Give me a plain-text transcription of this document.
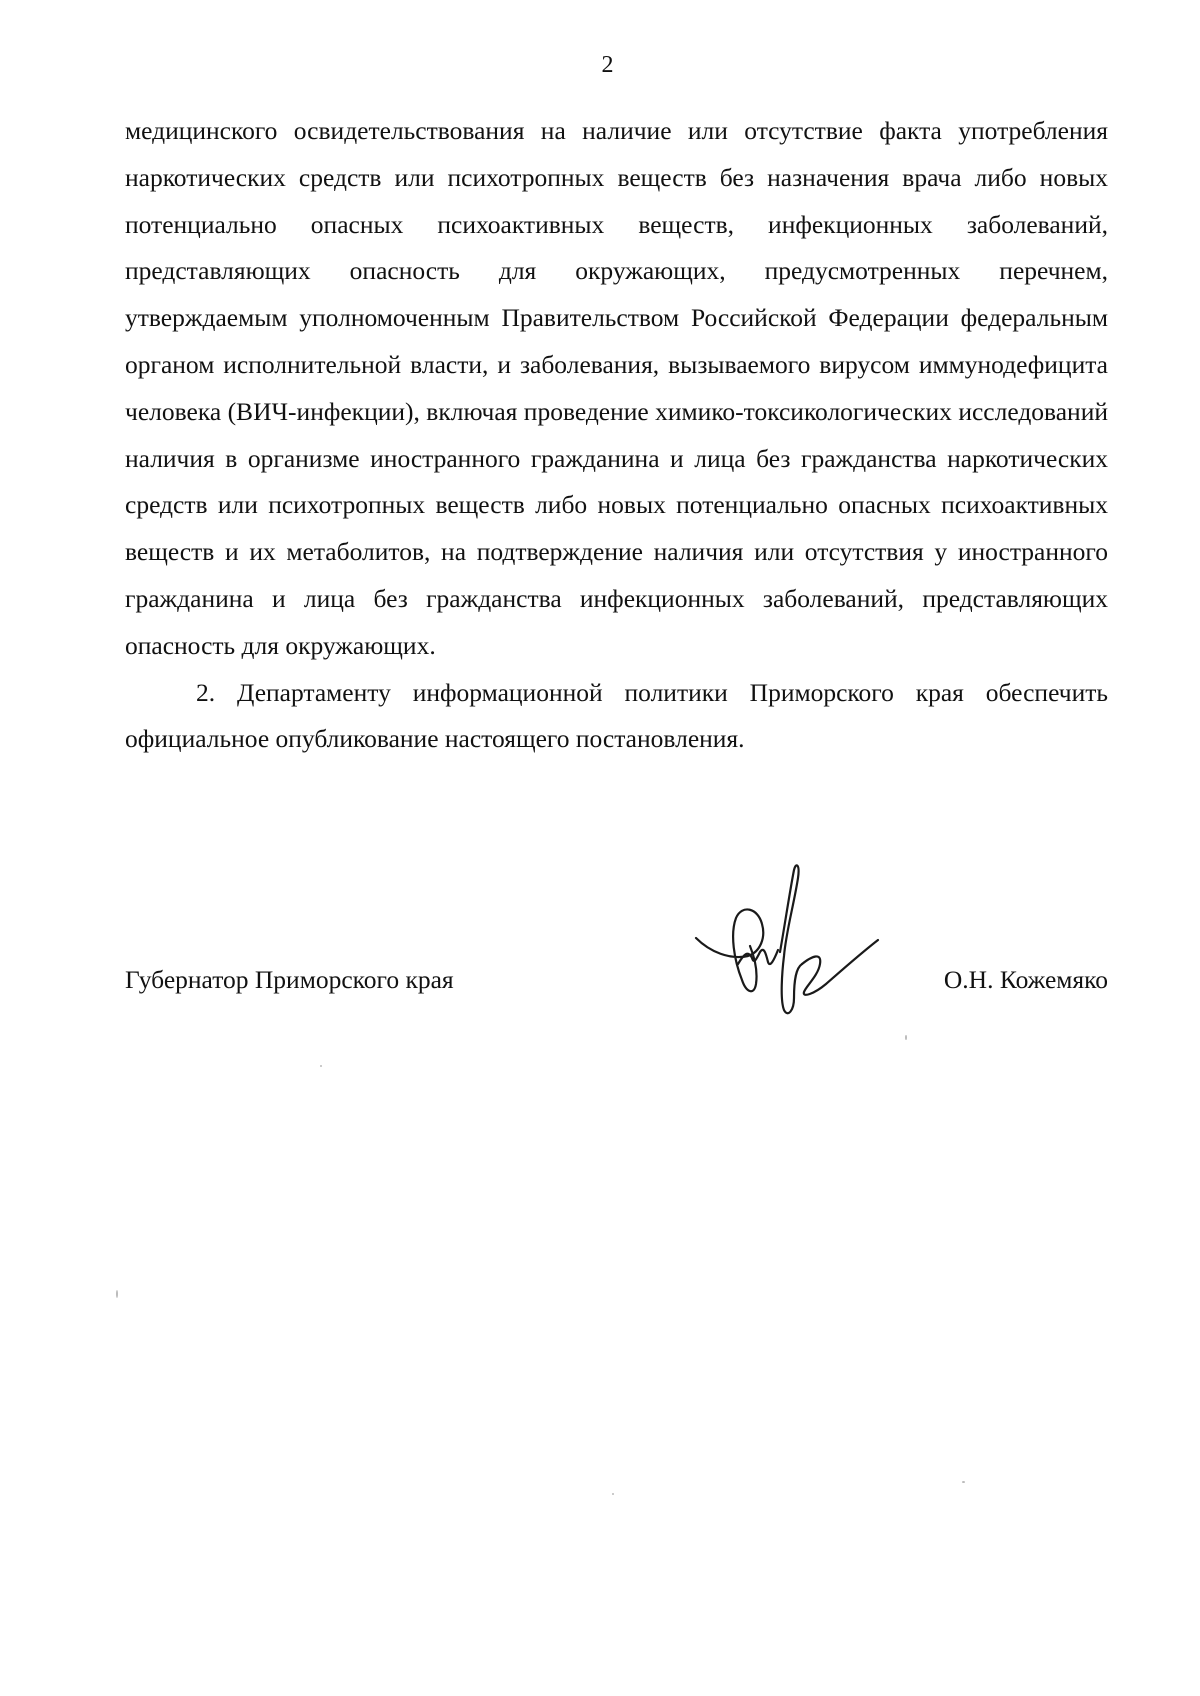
2

медицинского освидетельствования на наличие или отсутствие факта употребления наркотических средств или психотропных веществ без назначения врача либо новых потенциально опасных психоактивных веществ, инфекционных заболеваний, представляющих опасность для окружающих, предусмотренных перечнем, утверждаемым уполномоченным Правительством Российской Федерации федеральным органом исполнительной власти, и заболевания, вызываемого вирусом иммунодефицита человека (ВИЧ-инфекции), включая проведение химико-токсикологических исследований наличия в организме иностранного гражданина и лица без гражданства наркотических средств или психотропных веществ либо новых потенциально опасных психоактивных веществ и их метаболитов, на подтверждение наличия или отсутствия у иностранного гражданина и лица без гражданства инфекционных заболеваний, представляющих опасность для окружающих.

2. Департаменту информационной политики Приморского края обеспечить официальное опубликование настоящего постановления.

Губернатор Приморского края	О.Н. Кожемяко
